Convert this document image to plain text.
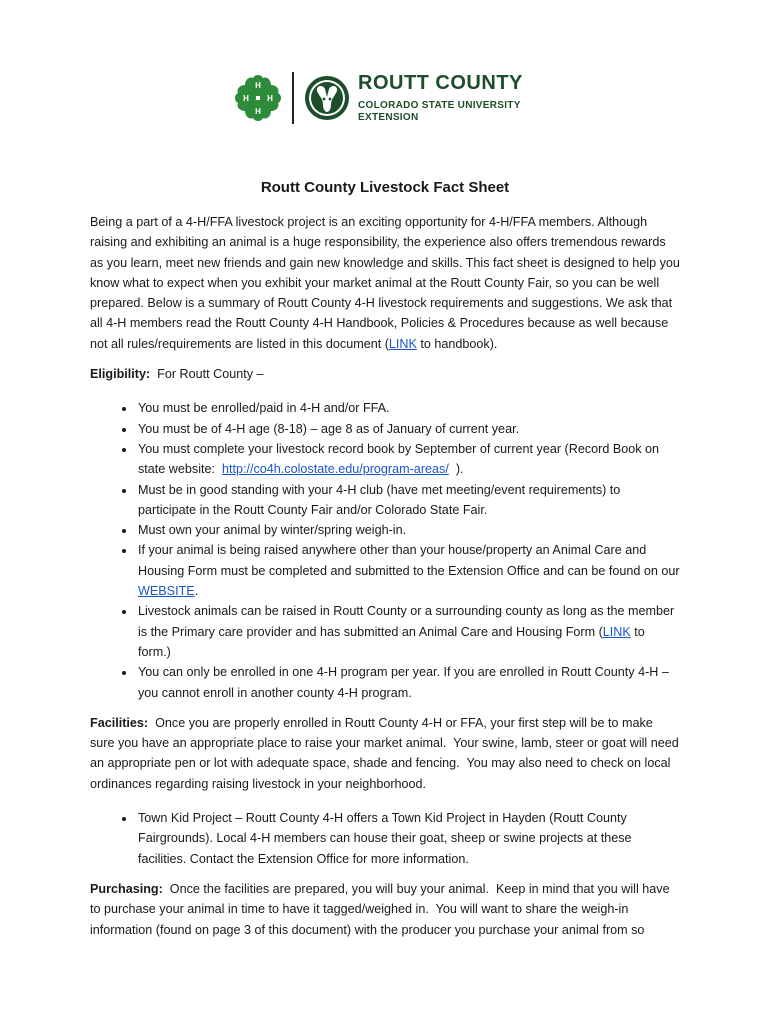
H
H
H
H
ROUTT COUNTY
COLORADO STATE UNIVERSITY
EXTENSION
Routt County Livestock Fact Sheet

Being a part of a 4-H/FFA livestock project is an exciting opportunity for 4-H/FFA members. Although raising and exhibiting an animal is a huge responsibility, the experience also offers tremendous rewards as you learn, meet new friends and gain new knowledge and skills. This fact sheet is designed to help you know what to expect when you exhibit your market animal at the Routt County Fair, so you can be well prepared. Below is a summary of Routt County 4-H livestock requirements and suggestions. We ask that all 4-H members read the Routt County 4-H Handbook, Policies & Procedures because as well because not all rules/requirements are listed in this document (LINK to handbook).

Eligibility:  For Routt County –

• You must be enrolled/paid in 4-H and/or FFA.
• You must be of 4-H age (8-18) – age 8 as of January of current year.
• You must complete your livestock record book by September of current year (Record Book on state website:  http://co4h.colostate.edu/program-areas/  ).
• Must be in good standing with your 4-H club (have met meeting/event requirements) to participate in the Routt County Fair and/or Colorado State Fair.
• Must own your animal by winter/spring weigh-in.
• If your animal is being raised anywhere other than your house/property an Animal Care and Housing Form must be completed and submitted to the Extension Office and can be found on our WEBSITE.
• Livestock animals can be raised in Routt County or a surrounding county as long as the member is the Primary care provider and has submitted an Animal Care and Housing Form (LINK to form.)
• You can only be enrolled in one 4-H program per year. If you are enrolled in Routt County 4-H – you cannot enroll in another county 4-H program.

Facilities:  Once you are properly enrolled in Routt County 4-H or FFA, your first step will be to make sure you have an appropriate place to raise your market animal.  Your swine, lamb, steer or goat will need an appropriate pen or lot with adequate space, shade and fencing.  You may also need to check on local ordinances regarding raising livestock in your neighborhood.

• Town Kid Project – Routt County 4-H offers a Town Kid Project in Hayden (Routt County Fairgrounds). Local 4-H members can house their goat, sheep or swine projects at these facilities. Contact the Extension Office for more information.

Purchasing:  Once the facilities are prepared, you will buy your animal.  Keep in mind that you will have to purchase your animal in time to have it tagged/weighed in.  You will want to share the weigh-in information (found on page 3 of this document) with the producer you purchase your animal from so
